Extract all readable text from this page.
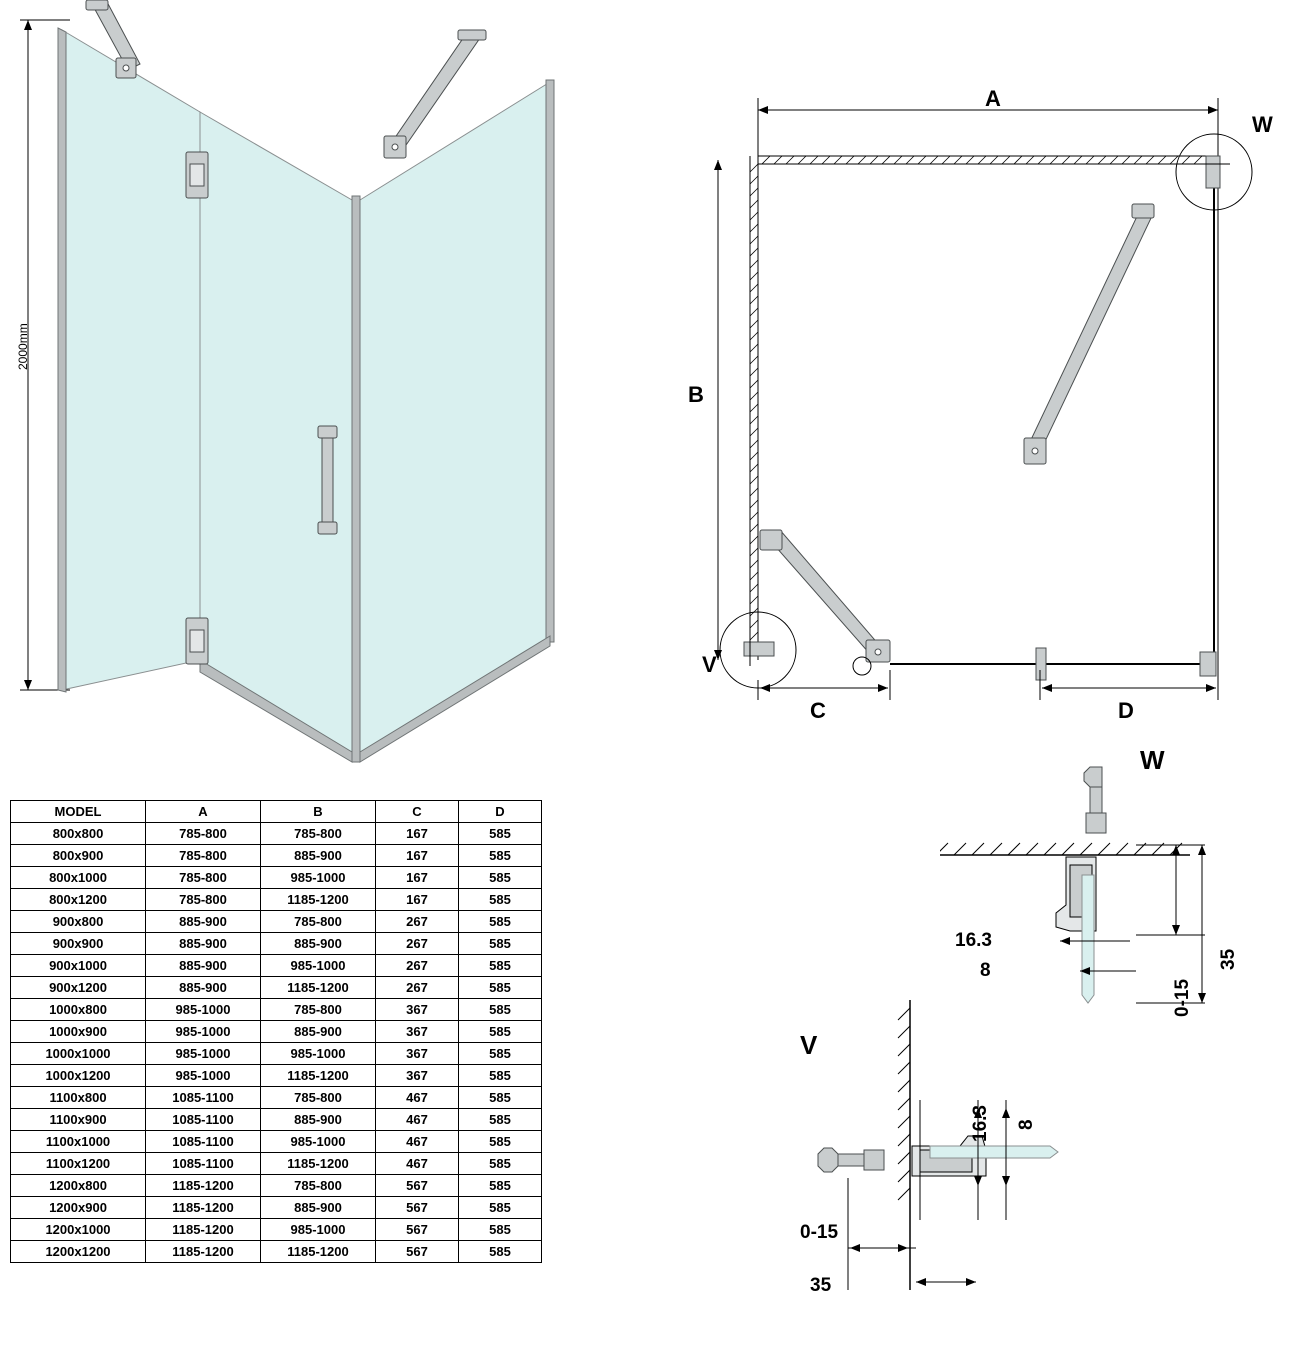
2000mm
A
W
B
V
C	D
W
16.3
8
0-15
35
V
16.3 8
0-15
35
MODEL	A	B	C	D
800x800	785-800	785-800	167	585
800x900	785-800	885-900	167	585
800x1000	785-800	985-1000	167	585
800x1200	785-800	1185-1200	167	585
900x800	885-900	785-800	267	585
900x900	885-900	885-900	267	585
900x1000	885-900	985-1000	267	585
900x1200	885-900	1185-1200	267	585
1000x800	985-1000	785-800	367	585
1000x900	985-1000	885-900	367	585
1000x1000	985-1000	985-1000	367	585
1000x1200	985-1000	1185-1200	367	585
1100x800	1085-1100	785-800	467	585
1100x900	1085-1100	885-900	467	585
1100x1000	1085-1100	985-1000	467	585
1100x1200	1085-1100	1185-1200	467	585
1200x800	1185-1200	785-800	567	585
1200x900	1185-1200	885-900	567	585
1200x1000	1185-1200	985-1000	567	585
1200x1200	1185-1200	1185-1200	567	585
